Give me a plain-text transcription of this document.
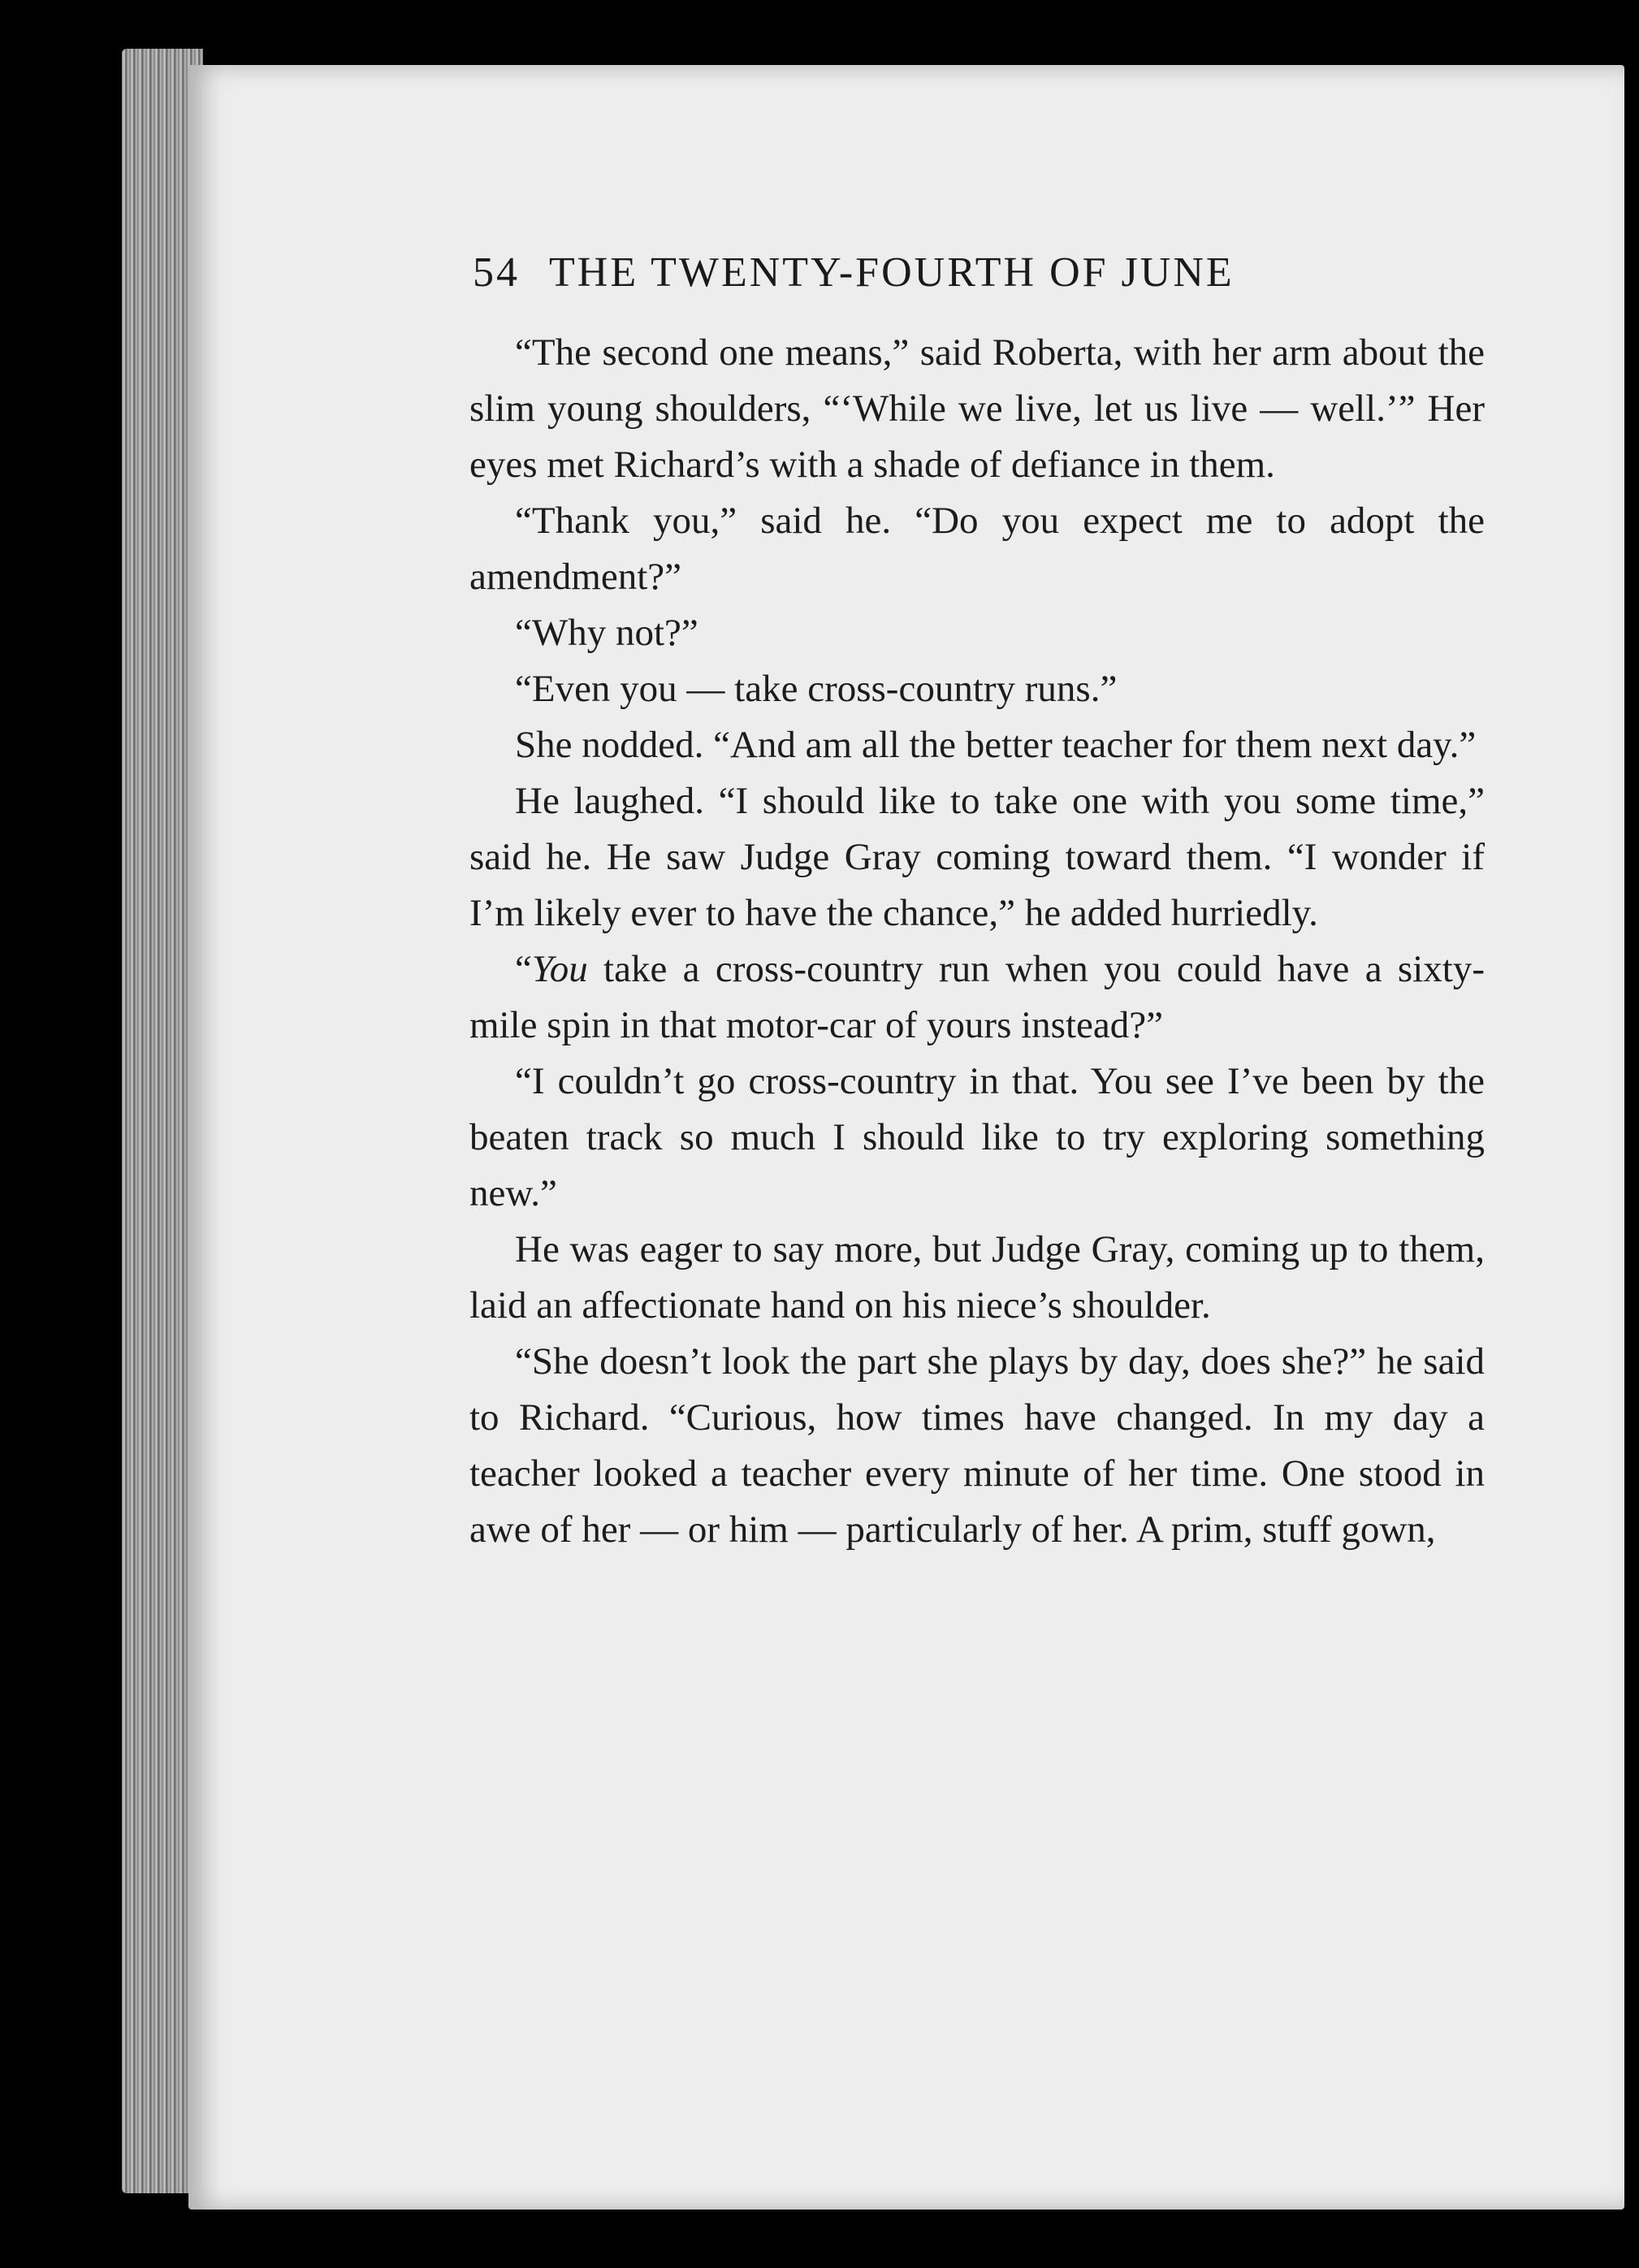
54 THE TWENTY-FOURTH OF JUNE

“The second one means,” said Roberta, with her arm about the slim young shoulders, “‘While we live, let us live — well.’” Her eyes met Richard’s with a shade of defiance in them.

“Thank you,” said he. “Do you expect me to adopt the amendment?”

“Why not?”

“Even you — take cross-country runs.”

She nodded. “And am all the better teacher for them next day.”

He laughed. “I should like to take one with you some time,” said he. He saw Judge Gray coming toward them. “I wonder if I’m likely ever to have the chance,” he added hurriedly.

“You take a cross-country run when you could have a sixty-mile spin in that motor-car of yours instead?”

“I couldn’t go cross-country in that. You see I’ve been by the beaten track so much I should like to try exploring something new.”

He was eager to say more, but Judge Gray, coming up to them, laid an affectionate hand on his niece’s shoulder.

“She doesn’t look the part she plays by day, does she?” he said to Richard. “Curious, how times have changed. In my day a teacher looked a teacher every minute of her time. One stood in awe of her — or him — particularly of her. A prim, stuff gown,
